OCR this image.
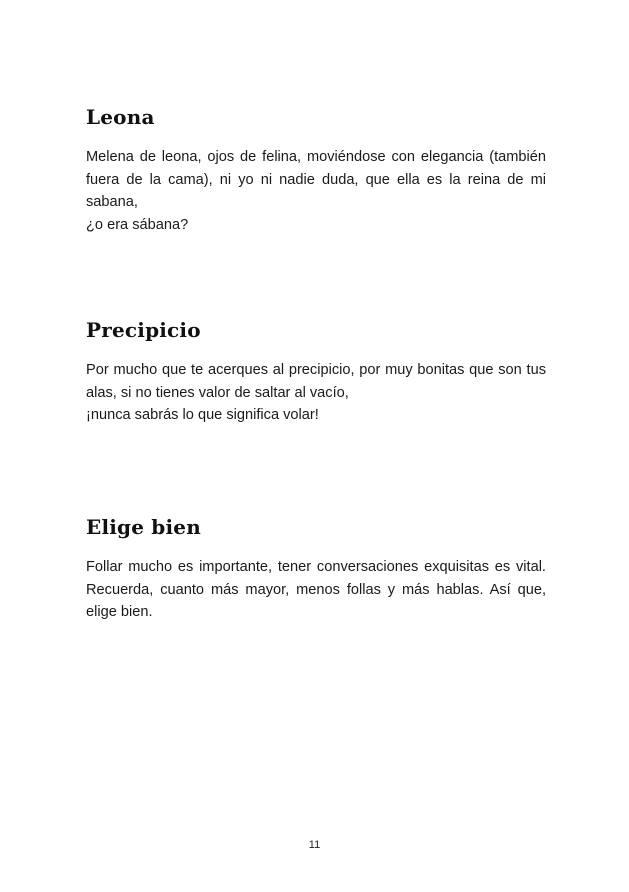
Leona

Melena de leona, ojos de felina, moviéndose con elegancia (también fuera de la cama), ni yo ni nadie duda, que ella es la reina de mi sabana,
¿o era sábana?

Precipicio

Por mucho que te acerques al precipicio, por muy bonitas que son tus alas, si no tienes valor de saltar al vacío,
¡nunca sabrás lo que significa volar!

Elige bien

Follar mucho es importante, tener conversaciones exquisitas es vital. Recuerda, cuanto más mayor, menos follas y más hablas. Así que, elige bien.

11
